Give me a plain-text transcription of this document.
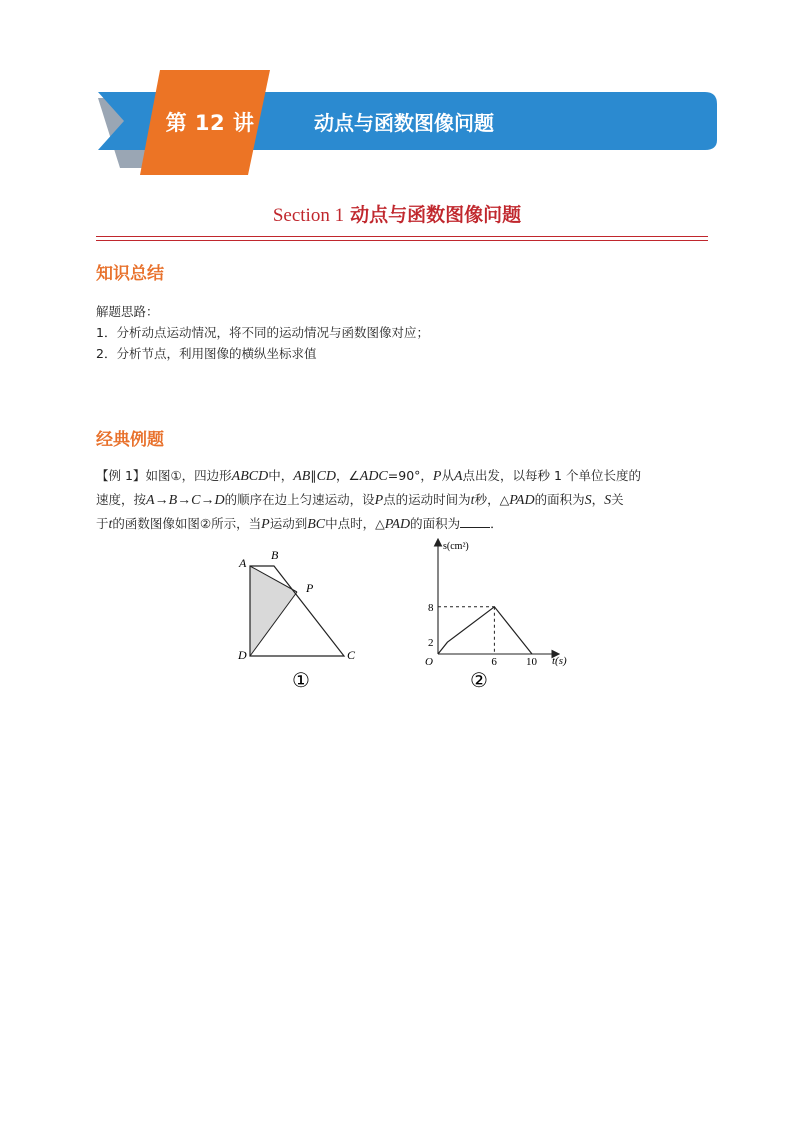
第 12 讲	动点与函数图像问题
Section 1 动点与函数图像问题
知识总结
解题思路：
1．分析动点运动情况，将不同的运动情况与函数图像对应；
2．分析节点，利用图像的横纵坐标求值
经典例题
【例 1】如图①，四边形ABCD中，AB∥CD，∠ADC=90°，P从A点出发，以每秒 1 个单位长度的
速度，按A→B→C→D的顺序在边上匀速运动，设P点的运动时间为t秒，△PAD的面积为S，S关
于t的函数图像如图②所示，当P运动到BC中点时，△PAD的面积为 ．
A
B
P
D	C
①
s(cm²)
t(s)
O
2
8
6	10
②
